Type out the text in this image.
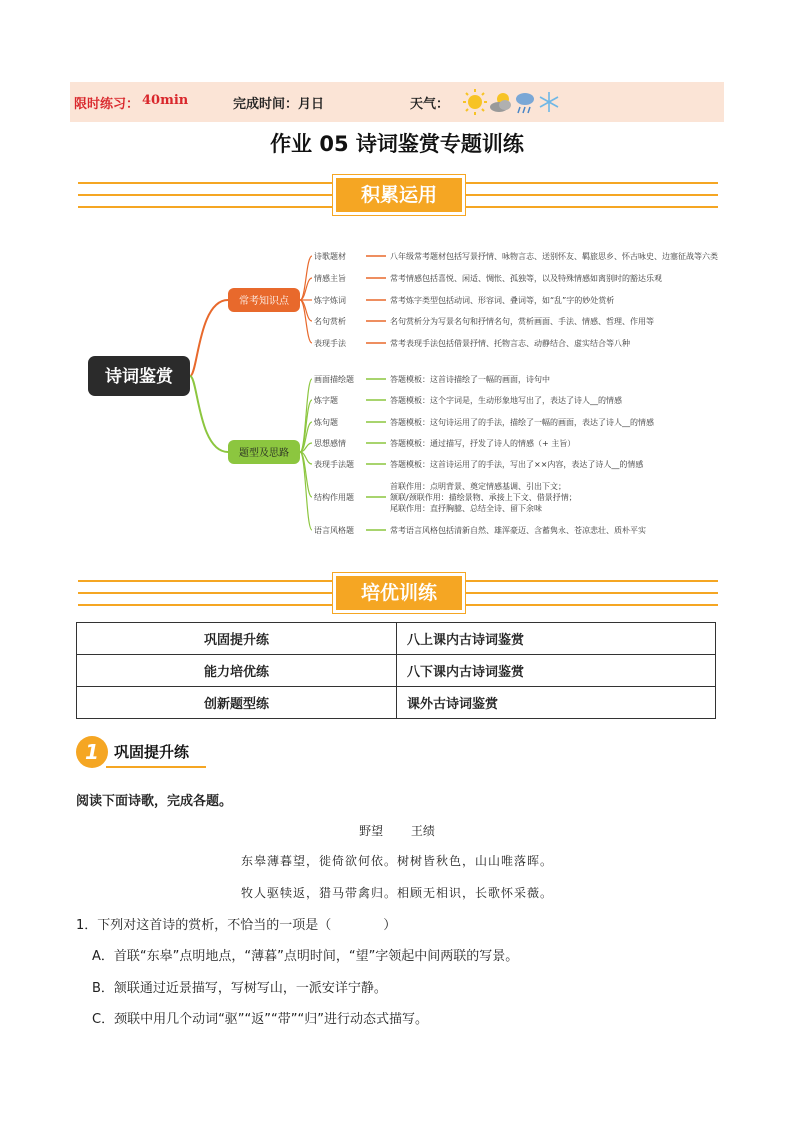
限时练习： 40min	完成时间：月日	天气：
作业 05 诗词鉴赏专题训练
积累运用
诗词鉴赏
常考知识点
题型及思路
诗歌题材	八年级常考题材包括写景抒情、咏物言志、送别怀友、羁旅思乡、怀古咏史、边塞征战等六类
情感主旨	常考情感包括喜悦、闲适、惆怅、孤独等，以及特殊情感如离别时的豁达乐观
炼字炼词	常考炼字类型包括动词、形容词、叠词等，如“乱”字的妙处赏析
名句赏析	名句赏析分为写景名句和抒情名句，赏析画面、手法、情感、哲理、作用等
表现手法	常考表现手法包括借景抒情、托物言志、动静结合、虚实结合等八种
画面描绘题	答题模板：这首诗描绘了一幅的画面，诗句中
炼字题	答题模板：这个字词是，生动形象地写出了，表达了诗人__的情感
炼句题	答题模板：这句诗运用了的手法，描绘了一幅的画面，表达了诗人__的情感
思想感情	答题模板：通过描写，抒发了诗人的情感（+ 主旨）
表现手法题	答题模板：这首诗运用了的手法，写出了××内容，表达了诗人__的情感
结构作用题
首联作用：点明背景、奠定情感基调、引出下文；
颔联/颈联作用：描绘景物、承接上下文、借景抒情；
尾联作用：直抒胸臆、总结全诗、留下余味
语言风格题	常考语言风格包括清新自然、雄浑豪迈、含蓄隽永、苍凉悲壮、质朴平实
培优训练
巩固提升练	八上课内古诗词鉴赏
能力培优练	八下课内古诗词鉴赏
创新题型练	课外古诗词鉴赏
1	巩固提升练
阅读下面诗歌，完成各题。
野望 王绩
东皋薄暮望，徙倚欲何依。树树皆秋色，山山唯落晖。
牧人驱犊返，猎马带禽归。相顾无相识，长歌怀采薇。
1．下列对这首诗的赏析，不恰当的一项是（　　　　）
A．首联“东皋”点明地点，“薄暮”点明时间，“望”字领起中间两联的写景。
B．颔联通过近景描写，写树写山，一派安详宁静。
C．颈联中用几个动词“驱”“返”“带”“归”进行动态式描写。
